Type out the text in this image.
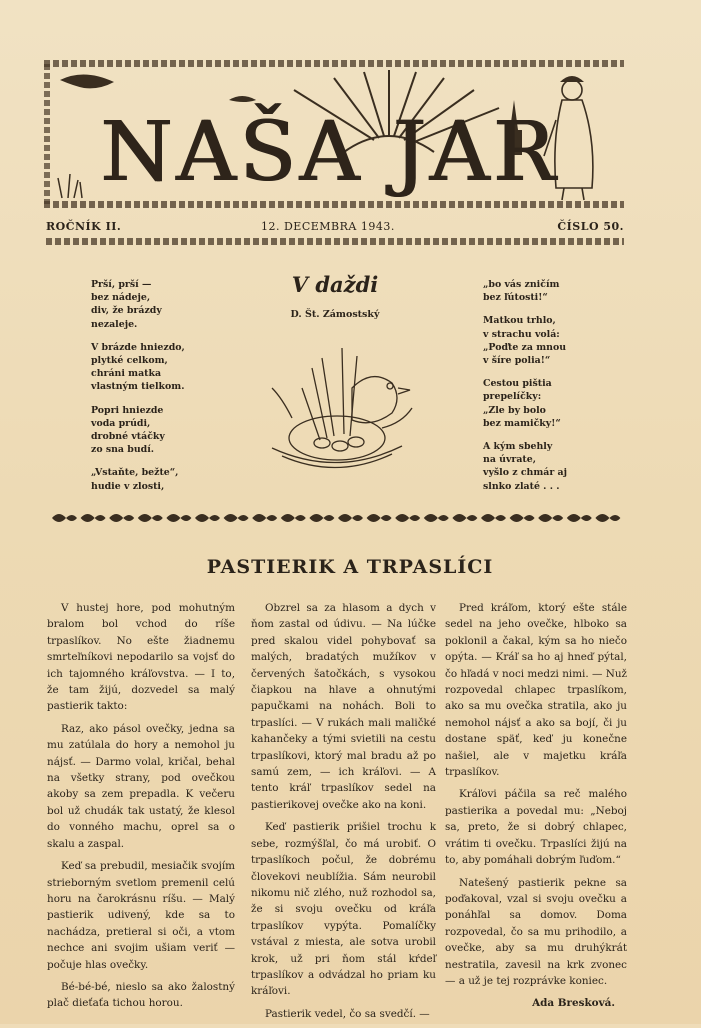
NAŠA JAR
ROČNÍK II.	12. DECEMBRA 1943.	ČÍSLO 50.
Prší, prší —
bez nádeje,
div, že brázdy
nezaleje.
V brázde hniezdo,
plytké celkom,
chráni matka
vlastným tielkom.
Popri hniezde
voda prúdi,
drobné vtáčky
zo sna budí.
„Vstaňte, bežte“,
hudie v zlosti,
V daždi
D. Št. Zámostský
„bo vás zničím
bez ľútosti!“
Matkou trhlo,
v strachu volá:
„Poďte za mnou
v šíre polia!“
Cestou pištia
prepelíčky:
„Zle by bolo
bez mamičky!“
A kým sbehly
na úvrate,
vyšlo z chmár aj
slnko zlaté . . .
PASTIERIK A TRPASLÍCI

V hustej hore, pod mohutným bralom bol vchod do ríše trpaslíkov. No ešte žiadnemu smrteľníkovi nepodarilo sa vojsť do ich tajomného kráľovstva. — I to, že tam žijú, dozvedel sa malý pastierik takto:

Raz, ako pásol ovečky, jedna sa mu zatúlala do hory a nemohol ju nájsť. — Darmo volal, kričal, behal na všetky strany, pod ovečkou akoby sa zem prepadla. K večeru bol už chudák tak ustatý, že klesol do vonného machu, oprel sa o skalu a zaspal.

Keď sa prebudil, mesiačik svojím strieborným svetlom premenil celú horu na čarokrásnu ríšu. — Malý pastierik udivený, kde sa to nachádza, pretieral si oči, a vtom nechce ani svojim ušiam veriť — počuje hlas ovečky.

Bé-bé-bé, nieslo sa ako žalostný plač dieťaťa tichou horou.

Obzrel sa za hlasom a dych v ňom zastal od údivu. — Na lúčke pred skalou videl pohybovať sa malých, bradatých mužíkov v červených šatočkách, s vysokou čiapkou na hlave a ohnutými papučkami na nohách. Boli to trpaslíci. — V rukách mali maličké kahančeky a tými svietili na cestu trpaslíkovi, ktorý mal bradu až po samú zem, — ich kráľovi. — A tento kráľ trpaslíkov sedel na pastierikovej ovečke ako na koni.

Keď pastierik prišiel trochu k sebe, rozmýšľal, čo má urobiť. O trpaslíkoch počul, že dobrému človekovi neublížia. Sám neurobil nikomu nič zlého, nuž rozhodol sa, že si svoju ovečku od kráľa trpaslíkov vypýta. Pomalíčky vstával z miesta, ale sotva urobil krok, už pri ňom stál kŕdeľ trpaslíkov a odvádzal ho priam ku kráľovi.

Pastierik vedel, čo sa svedčí. —

Pred kráľom, ktorý ešte stále sedel na jeho ovečke, hlboko sa poklonil a čakal, kým sa ho niečo opýta. — Kráľ sa ho aj hneď pýtal, čo hľadá v noci medzi nimi. — Nuž rozpovedal chlapec trpaslíkom, ako sa mu ovečka stratila, ako ju nemohol nájsť a ako sa bojí, či ju dostane späť, keď ju konečne našiel, ale v majetku kráľa trpaslíkov.

Kráľovi páčila sa reč malého pastierika a povedal mu: „Neboj sa, preto, že si dobrý chlapec, vrátim ti ovečku. Trpaslíci žijú na to, aby pomáhali dobrým ľuďom.“

Natešený pastierik pekne sa poďakoval, vzal si svoju ovečku a ponáhľal sa domov. Doma rozpovedal, čo sa mu prihodilo, a ovečke, aby sa mu druhýkrát nestratila, zavesil na krk zvonec — a už je tej rozprávke koniec.

Ada Bresková.
